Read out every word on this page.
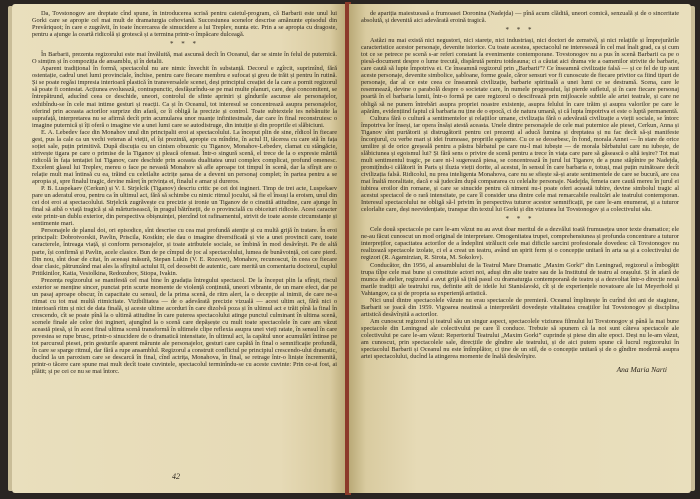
Da, Tovstonogov are dreptate cînd spune, în introducerea scrisă pentru caietul-program, că Barbarii este unul lui Gorki care se apropie cel mai mult de dramaturgia cehoviană. Succesiunea scenelor descrise amănunte episodul din Prevăriquot; în care e zugrăvit, în toate încercarea de simucidere a lui Treplev, nunta etc. Prin a se apropia cu dragoste, pentru a ajunge la ceartă ridicolă și grotescă și a termina printr-o împăcare dulceagă.

* * *

În Barbarii, prezenta regizorului este mai învăluită, mai ascunsă decît în Oceanul, dar se simte în felul de puternică. O simțim și în compoziția de ansamblu, și în detalii.

Aparent tradițional în formă, spectacolul nu are nimic învechit în substanță. Decorul e zgîrcit, suprimînd, fără ostentație, cadrul unei lumi provinciale, închise, pentru care fiecare membru e sufocat și greu de trăit și pentru în rutină. Și se poate regăsi impresia interioară plastică în transversalele scenei, deși principiul creației de la care a pornit regizorul să poate fi contestat. Acțiunea evoluează, contrapunctic, desfășurîndu-se pe mai multe planuri, care, deși concomitent, se întrepătrund, aducînd ceea ce deschide, uneori, controlul de sfinte apriniri și gîndurile ascunse ale personajelor, exhibîndu-se în cele mai intime gesturi și reacții. Ca și în Oceanul, tot interesul se concentrează asupra personajelor, oferind prin aceasta actorilor surprize din afară, ce îi obligă la precizie și control. Toate subtextele ies nebănuite la suprafață, interpretarea nu se afirmă decît prin acumularea unor nuanțe infinitesimale, dar care în final reconstruiesc o imagine puternică și îți oferă o imagine vie a unei lumi care se autodistruge, din intuiție și din propriile ei slăbiciuni.

E. A. Lebedev face din Monahov unul din principalii eroi ai spectacolului. La început plin de sine, rîdicol în fiecare gest, pus la cale ca un vechi veteran al vieții, el își prezintă, apropie cu mîndrie, în actul II, tăcerea cu care stă în fața soției sale, puțin primitivă. După discuția cu un cinism obraznic cu Tiganov, Monahov-Lebedev, clamat cu stângăcie, strivește tigara pe care o primise de la Tiganov și pleacă ofensat. Într-o singură scenă, el trece de la o expresie mărită ridicolă în fața tentației lui Tiganov, care deschide prin aceasta dualitatea unui complex complicat, profund omenesc. Excelent glasul lui Treplev, mereu o face pe nevastă Monahov să afle aproape tot timpul în scenă, dar la sfîrșit are o relație mult mai întinsă cu ea, trăind cu celeilalte actrițe șansa de a deveni un personaj complet; în partea pentru a se apropia și, spre finalul tragic, devine măreț în privința ei, finalul e amar și dureros.

P. B. Luspekaev (Cerkun) și V. I. Strjelcik (Tiganov) descriu critic pe cei doi ingineri. Timp de trei acte, Luspekaev pare un aderatul erou, pentru ca în ultimul act, fără să schimbe cu nimic ritmul jocului, să fie el însuși la eroism, unul din cei doi eroi ai spectacolului. Strjelcik zugrăvește cu precizie și ironie un Tiganov de o cinstită atitudine, care ajunge în final să aibă o viață tragică și să mărturisească, în pragul bătrîneții, de o provincială cu obiceiuri ridicole. Acest caracter este printr-un dublu exterior, din perspectiva obișnuinței, pierzînd tot rafinamentul, strivit de toate aceste circumstanțe și sentimente mari.

Personajele de planul doi, ori episodice, sînt descrise cu cea mai profundă atenție și cu multă grijă în tratare. În eroi principali: Dobrotvorskii, Pavlin, Priscila, Kostkin; ele dau o imagine diversificată și vie a unei provincii care, toate caracterele, întreaga viață, și conform personajelor, și toate atributele sociale, se îmbină în mod desăvîrșit. Pe de altă parte, își confirmă și Pavlin, acele clasice. Bun de pe cîmpul de joc al spectacolului, lumea de bunăvoință, cei care pierd. Din nou, sînt doar de citat, în aceeași măsură, Stepan Lukin (V. E. Rozsvet), Monahov, recunoscut, în ceea ce fiecare doar clasic, pătrunzând mai ales la sfîrșitul actului II, cel deosebit de autentic, care merită un comentariu doctorul, cuplul Pritikinilor, Katia, Vesiolkina, Redozubov, Stiopa, Ivakin.

Prezența regizorului se manifestă cel mai bine în gradația întregului spectacol. De la început plin la sfîrșit, riscul exterior se menține sincer, punctat prin scurte momente de violență conținută, uneori vibrante, de un mare efect, dar pe un pasaj aproape obscur, în capacitate cu sensul, de la prima scenă, de ritm alert, la o decepție al inimii, de care ne-a ritmat cu tot mai multă ritmicitate. Vizibilitatea — de o adevărată precizie vizuală — acest ultim act, fără nici o interioară ritm și nici de data finală, și aceste ultime acorduri în care dizolvă poza și în ultimul act e trăit pînă la final în crescendo, cît se poate pînă la o ultimă atitudine în care puterea spectacolului atinge punctul culminant în ultima scenă, scenele finale ale celor doi ingineri, ajungînd la o scenă care depășește cu mult toate spectacolele în care am văzut această piesă, și în acest final ultima scenă transformă în ultimele clipe reflexia asupra unei vieți ratate, în sensul în care povestea se rupe brusc, printr-o sinucidere de o dramatică intensitate, în ultimul act, la capătul unor acumulări întinse pe tot parcursul piesei, prin gesturile aparent mărunte ale personajelor, gesturi care capătă în final o semnificație profundă, în care se sparge ritmul, dar fără a rupe ansamblul. Regizorul a construit conflictul pe principiul crescendo-ului dramatic, ducînd la un paroxism care se descarcă în final, cînd actrița, Monahova, în final, se retrage într-o liniște încremenită, printr-o tăcere care spune mai mult decît toate cuvintele, spectacolul terminîndu-se cu aceste cuvinte: Prin ce-ai fost, ai plătit; și pe cei ce nu se mai întorc.

42

de apariția maiestuoasă a frumoasei Doronina (Nadejda) — pînă acum clădită, uneori comică, senzuală și de o sinceritate absolută, și devenită aici adevărată eroină tragică.

* * *

Astăzi nu mai există nici negustori, nici starețe, nici industriași, nici doctori de zemstvă, și nici relațiile și împrejurările caracteristice acestor personaje, devenite istorice. Cu toate acestea, spectacolul ne interesează în cel mai înalt grad, ca și cum tot ce se petrece pe scenă s-ar referi constant la evenimente contemporane. Tovstonogov nu a pus în scenă Barbarii ca pe o piesă-document despre o lume trecută, dispărută pentru totdeauna; ci a căutat aici drama vie a oamenilor strivite de barbarie, care caută să lupte împotriva ei. Ce înseamnă regizorul prin „Barbarii”? Ce înseamnă civilizație falsă — și ce fel de tip sunt aceste personaje, devenite simbolice, șabloane, forme goale, căror sensuri vor fi cunoscute de fiecare privitor ca fiind tipuri de personaje, dar al ce este ceea ce înseamnă civilizație, barbarie spirituală a unei lumi ce se destramă. Scena, care le resemnează, devine o parabolă despre o societate care, în numele progresului, își pierde sufletul, și în care fiecare personaj poartă în el barbaria lumii, într-o formă pe care regizorul o descifrează prin mijloacele subtile ale artei teatrale, și care ne obligă să ne punem întrebări asupra propriei noastre existențe, asupra felului în care trăim și asupra valorilor pe care le apărăm, evidențiind faptul că barbaria nu ține de o epocă, ci de natura umană, și că lupta împotriva ei este o luptă permanentă.

Cultura fără o cultură a sentimentelor și relațiilor umane, civilizația fără o adevărată civilizație a vieții sociale, se întorc împotriva lor înseși, iar opera însăși atestă aceasta. Unele dintre personajele de cele mai puternice ale piesei, Cerkun, Anna și Tiganov sînt purtătorii și distrugătorii pentru cei prezenți al aducă lumina și dreptatea și nu fac decît să-și manifeste înconjurul, cu verbe mari și idei frumoase, propriile egoisme. Cu ce se deosebesc, în fond, morala Annei — în stare de orice umilire și de orice greșeală pentru a păstra bărbatul pe care nu-l mai iubește — de morala bărbatului care nu iubește, de slăbiciunea și egoismul lui? Și fără sens o privire de scenă pentru a trece în viața care pare să găsească o altă ieșire? Tot mai mult sentimentul tragic, pe care ni-l sugerează piesa, se concentrează în jurul lui Tiganov, de a pune stăpînire pe Nadejda, promițîndu-i călătorii în Paris și iluzia vieții dorite, al acestui, în sensul în care barbaria e, totuși, mai puțin ruinătoare decît civilizația falsă. Ridicolul, nu prea inteligenta Monahova, care nu se sfiește să-și arate sentimentele de care se bucură, are cea mai înaltă moralitate, dacă e să judecăm după compararea cu celelalte personaje. Nadejda, femeia care caută mereu în jurul ei iubirea eroilor din romane, și care se sinucide pentru că nimeni nu-i poate oferi această iubire, devine simbolul tragic al acestui spectacol de o rară intensitate, pe care îl consider una dintre cele mai remarcabile realizări ale teatrului contemporan. Interesul spectacolului ne obligă să-l privim în perspectiva tuturor acestor semnificații, pe care le-am enumerat, și a tuturor celorlalte care, deși neevidențiate, transpar din textul lui Gorki și din viziunea lui Tovstonogov și a colectivului său.

* * *

Cele două spectacole pe care le-am văzut nu au avut doar meritul de a dezvălui toată frumusețea unor texte dramatice; ele ne-au făcut cunoscut un mod original de interpretare. Omogenitatea trupei, comprehensiunea și profunda concentrare a tuturor interpreților, capacitatea actorilor de a îndeplini strălucit cele mai dificile sarcini profesionale dovedesc că Tovstonogov nu realizează spectacole izolate, ci el a creat un teatru, având un spirit ferm și o concepție unitară în arta sa și a colectivului de regizori (R. Agamirzian, R. Sirota, M. Sokolov).

Conducător, din 1956, al ansamblului de la Teatrul Mare Dramatic „Maxim Gorki” din Leningrad, regizorul a îmbogățit trupa tîlpe cele mai bune și constituie actori noi, aduși din alte teatre sau de la Institutul de teatru al orașului. Și în afară de munca de atelier, regizorul a avut grijă să țină pasul cu dramaturgia contemporană de teatru și a dezvoltat într-o direcție nouă marile tradiții ale teatrului rus, definite atît de ideile lui Stanislavski, cît și de experiențele novatoare ale lui Meyerhold și Vahtangov, ca și de propria sa experiență artistică.

Nici unul dintre spectacolele văzute nu erau spectacole de premieră. Oceanul împlinește în curînd doi ani de stagiune, Barbarii se joacă din 1959. Vigoarea neatinsă a interpretării dovedește vitalitatea creațiilor lui Tovstonogov și disciplina artistică desăvîrșită a actorilor.

Am cunoscut regizorul și teatrul său un singur aspect, spectacolele viziunea filmului lui Tovstonogov și până la mai bune spectacole din Leningrad ale colectivului pe care îl conduce. Trebuie să spunem că la noi sunt câteva spectacole ale colectivului pe care le-am văzut: Repertoriul Teatrului „Maxim Gorki” cuprinde și piese din alte epoci. Deși nu le-am văzut, am cunoscut, prin spectacolele sale, direcțiile de gîndire ale teatrului, și de aici putem spune că lucrul regizorului în spectacolul Barbarii și Oceanul nu este întîmplător, ci ține de un stil, de o concepție unitară și de o gîndire modernă asupra artei spectacolului, ducînd la atingerea momente de înaltă desăvîrșire.

Ana Maria Narti
